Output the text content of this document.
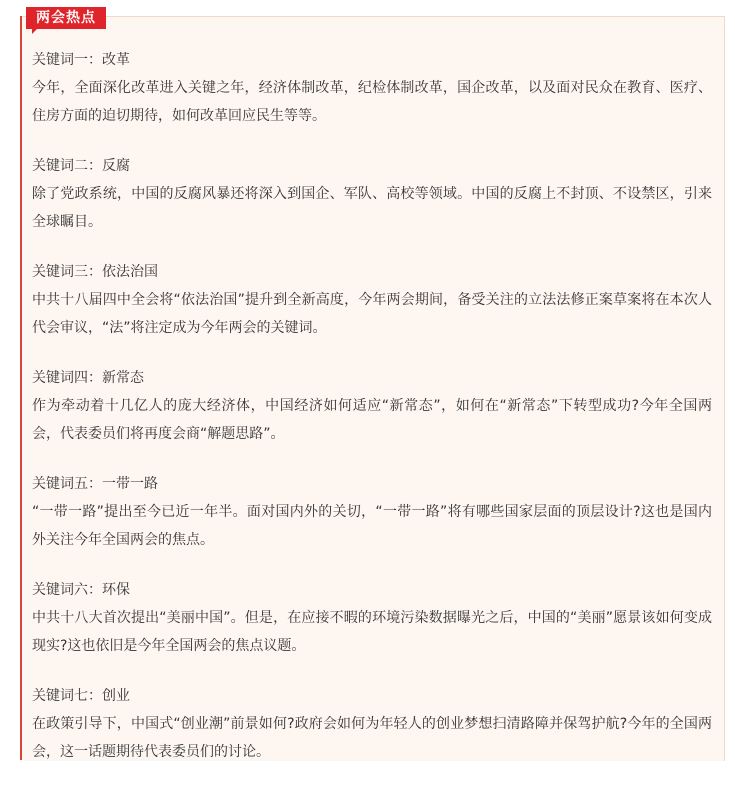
两会热点
关键词一：改革
今年，全面深化改革进入关键之年，经济体制改革，纪检体制改革，国企改革，以及面对民众在教育、医疗、住房方面的迫切期待，如何改革回应民生等等。
关键词二：反腐
除了党政系统，中国的反腐风暴还将深入到国企、军队、高校等领域。中国的反腐上不封顶、不设禁区，引来全球瞩目。
关键词三：依法治国
中共十八届四中全会将“依法治国”提升到全新高度，今年两会期间，备受关注的立法法修正案草案将在本次人代会审议，“法”将注定成为今年两会的关键词。
关键词四：新常态
作为牵动着十几亿人的庞大经济体，中国经济如何适应“新常态”，如何在“新常态”下转型成功?今年全国两会，代表委员们将再度会商“解题思路”。
关键词五：一带一路
“一带一路”提出至今已近一年半。面对国内外的关切，“一带一路”将有哪些国家层面的顶层设计?这也是国内外关注今年全国两会的焦点。
关键词六：环保
中共十八大首次提出“美丽中国”。但是，在应接不暇的环境污染数据曝光之后，中国的“美丽”愿景该如何变成现实?这也依旧是今年全国两会的焦点议题。
关键词七：创业
在政策引导下，中国式“创业潮”前景如何?政府会如何为年轻人的创业梦想扫清路障并保驾护航?今年的全国两会，这一话题期待代表委员们的讨论。
